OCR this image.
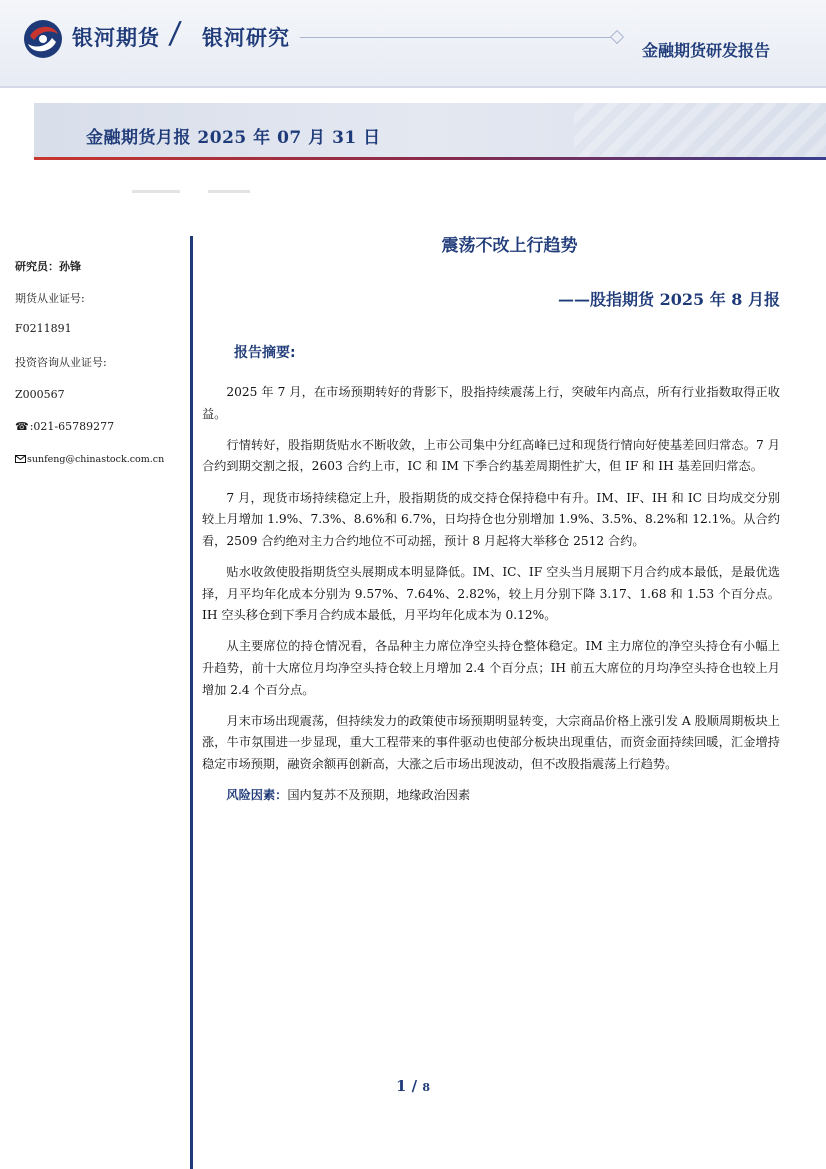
银河期货 / 银河研究
金融期货研发报告
金融期货月报 2025 年 07 月 31 日
研究员：孙锋
期货从业证号:
F0211891
投资咨询从业证号:
Z000567
☎:021-65789277
sunfeng@chinastock.com.cn
震荡不改上行趋势
——股指期货 2025 年 8 月报
报告摘要:

2025 年 7 月，在市场预期转好的背影下，股指持续震荡上行，突破年内高点，所有行业指数取得正收益。

行情转好，股指期货贴水不断收敛，上市公司集中分红高峰已过和现货行情向好使基差回归常态。7 月合约到期交割之报，2603 合约上市，IC 和 IM 下季合约基差周期性扩大，但 IF 和 IH 基差回归常态。

7 月，现货市场持续稳定上升，股指期货的成交持仓保持稳中有升。IM、IF、IH 和 IC 日均成交分别较上月增加 1.9%、7.3%、8.6%和 6.7%，日均持仓也分别增加 1.9%、3.5%、8.2%和 12.1%。从合约看，2509 合约绝对主力合约地位不可动摇，预计 8 月起将大举移仓 2512 合约。

贴水收敛使股指期货空头展期成本明显降低。IM、IC、IF 空头当月展期下月合约成本最低，是最优选择，月平均年化成本分别为 9.57%、7.64%、2.82%，较上月分别下降 3.17、1.68 和 1.53 个百分点。IH 空头移仓到下季月合约成本最低，月平均年化成本为 0.12%。

从主要席位的持仓情况看，各品种主力席位净空头持仓整体稳定。IM 主力席位的净空头持仓有小幅上升趋势，前十大席位月均净空头持仓较上月增加 2.4 个百分点；IH 前五大席位的月均净空头持仓也较上月增加 2.4 个百分点。

月末市场出现震荡，但持续发力的政策使市场预期明显转变，大宗商品价格上涨引发 A 股顺周期板块上涨，牛市氛围进一步显现，重大工程带来的事件驱动也使部分板块出现重估，而资金面持续回暖，汇金增持稳定市场预期，融资余额再创新高，大涨之后市场出现波动，但不改股指震荡上行趋势。

风险因素：国内复苏不及预期，地缘政治因素

1 / 8
